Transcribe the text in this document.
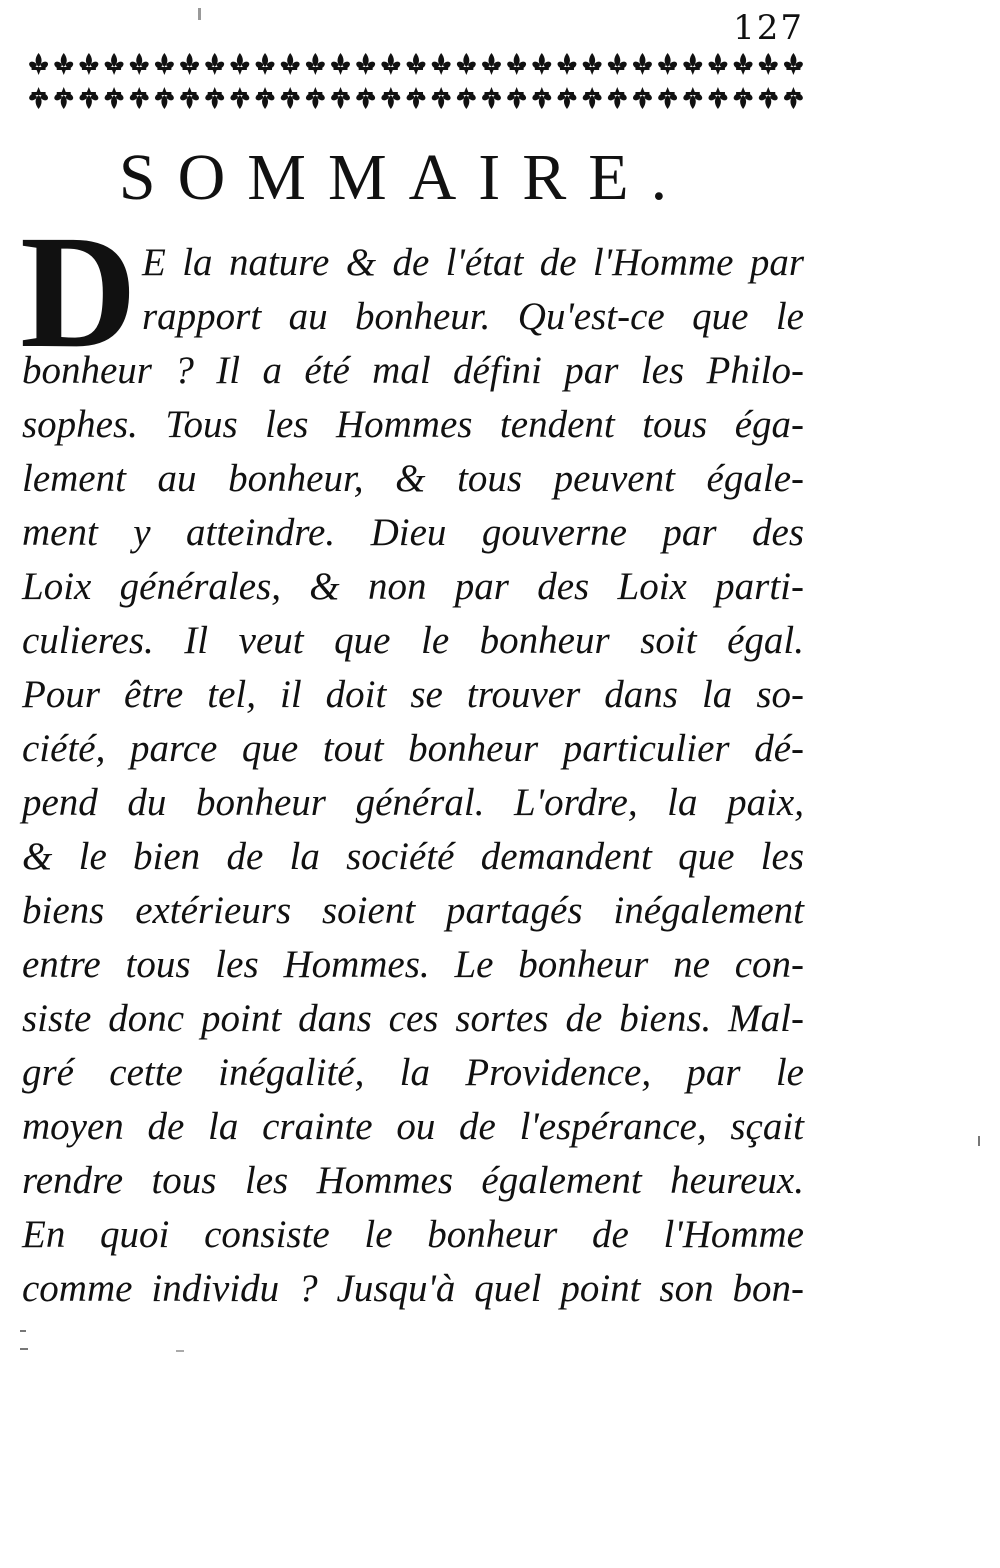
127
SOMMAIRE.
D E la nature & de l'état de l'Homme par
rapport au bonheur. Qu'est-ce que le
bonheur ? Il a été mal défini par les Philo-
sophes. Tous les Hommes tendent tous éga-
lement au bonheur, & tous peuvent égale-
ment y atteindre. Dieu gouverne par des
Loix générales, & non par des Loix parti-
culieres. Il veut que le bonheur soit égal.
Pour être tel, il doit se trouver dans la so-
ciété, parce que tout bonheur particulier dé-
pend du bonheur général. L'ordre, la paix,
& le bien de la société demandent que les
biens extérieurs soient partagés inégalement
entre tous les Hommes. Le bonheur ne con-
siste donc point dans ces sortes de biens. Mal-
gré cette inégalité, la Providence, par le
moyen de la crainte ou de l'espérance, sçait
rendre tous les Hommes également heureux.
En quoi consiste le bonheur de l'Homme
comme individu ? Jusqu'à quel point son bon-
